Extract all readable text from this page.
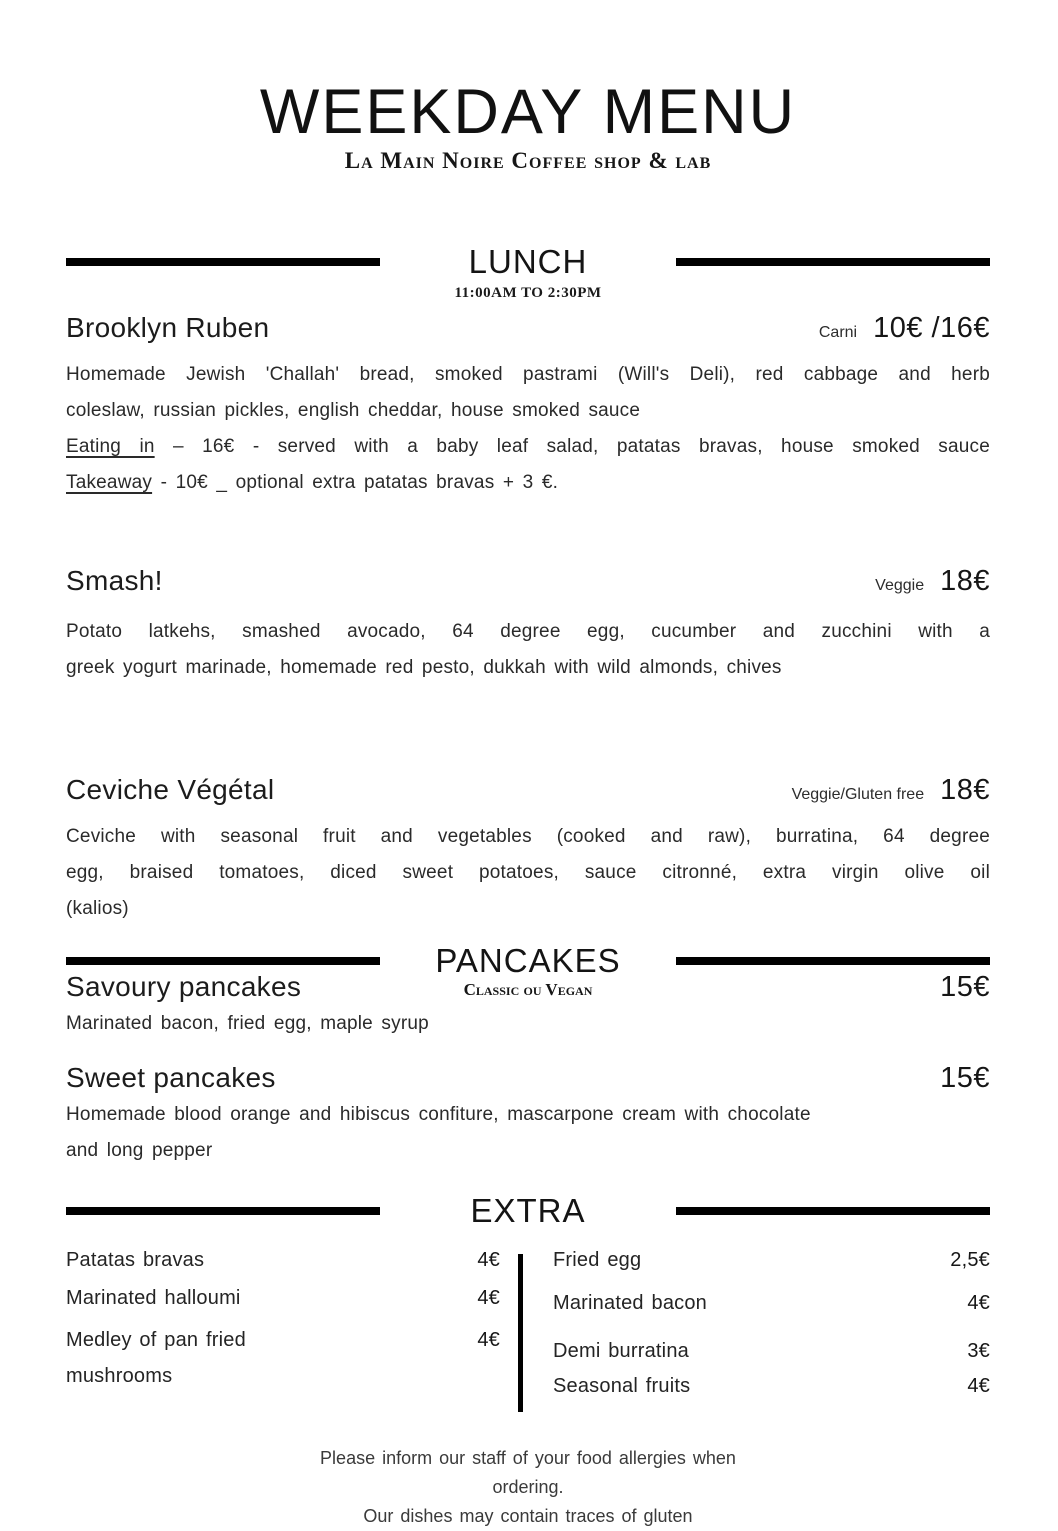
WEEKDAY MENU
La Main Noire Coffee shop & lab
LUNCH
11:00AM TO 2:30PM
Brooklyn Ruben	Carni 10€ /16€
Homemade Jewish 'Challah' bread, smoked pastrami (Will's Deli), red cabbage and herb
coleslaw, russian pickles, english cheddar, house smoked sauce
Eating in – 16€ - served with a baby leaf salad, patatas bravas, house smoked sauce
Takeaway - 10€ _ optional extra patatas bravas + 3 €.
Smash!	Veggie 18€
Potato latkehs, smashed avocado, 64 degree egg, cucumber and zucchini with a
greek yogurt marinade, homemade red pesto, dukkah with wild almonds, chives
Ceviche Végétal	Veggie/Gluten free 18€
Ceviche with seasonal fruit and vegetables (cooked and raw), burratina, 64 degree
egg, braised tomatoes, diced sweet potatoes, sauce citronné, extra virgin olive oil
(kalios)
PANCAKES
Classic ou Vegan
Savoury pancakes	15€
Marinated bacon, fried egg, maple syrup
Sweet pancakes	15€
Homemade blood orange and hibiscus confiture, mascarpone cream with chocolate
and long pepper
EXTRA
Patatas bravas	4€
Marinated halloumi	4€
Medley of pan fried mushrooms
4€
Fried egg	2,5€
Marinated bacon	4€
Demi burratina	3€
Seasonal fruits	4€
Please inform our staff of your food allergies when
ordering.
Our dishes may contain traces of gluten
